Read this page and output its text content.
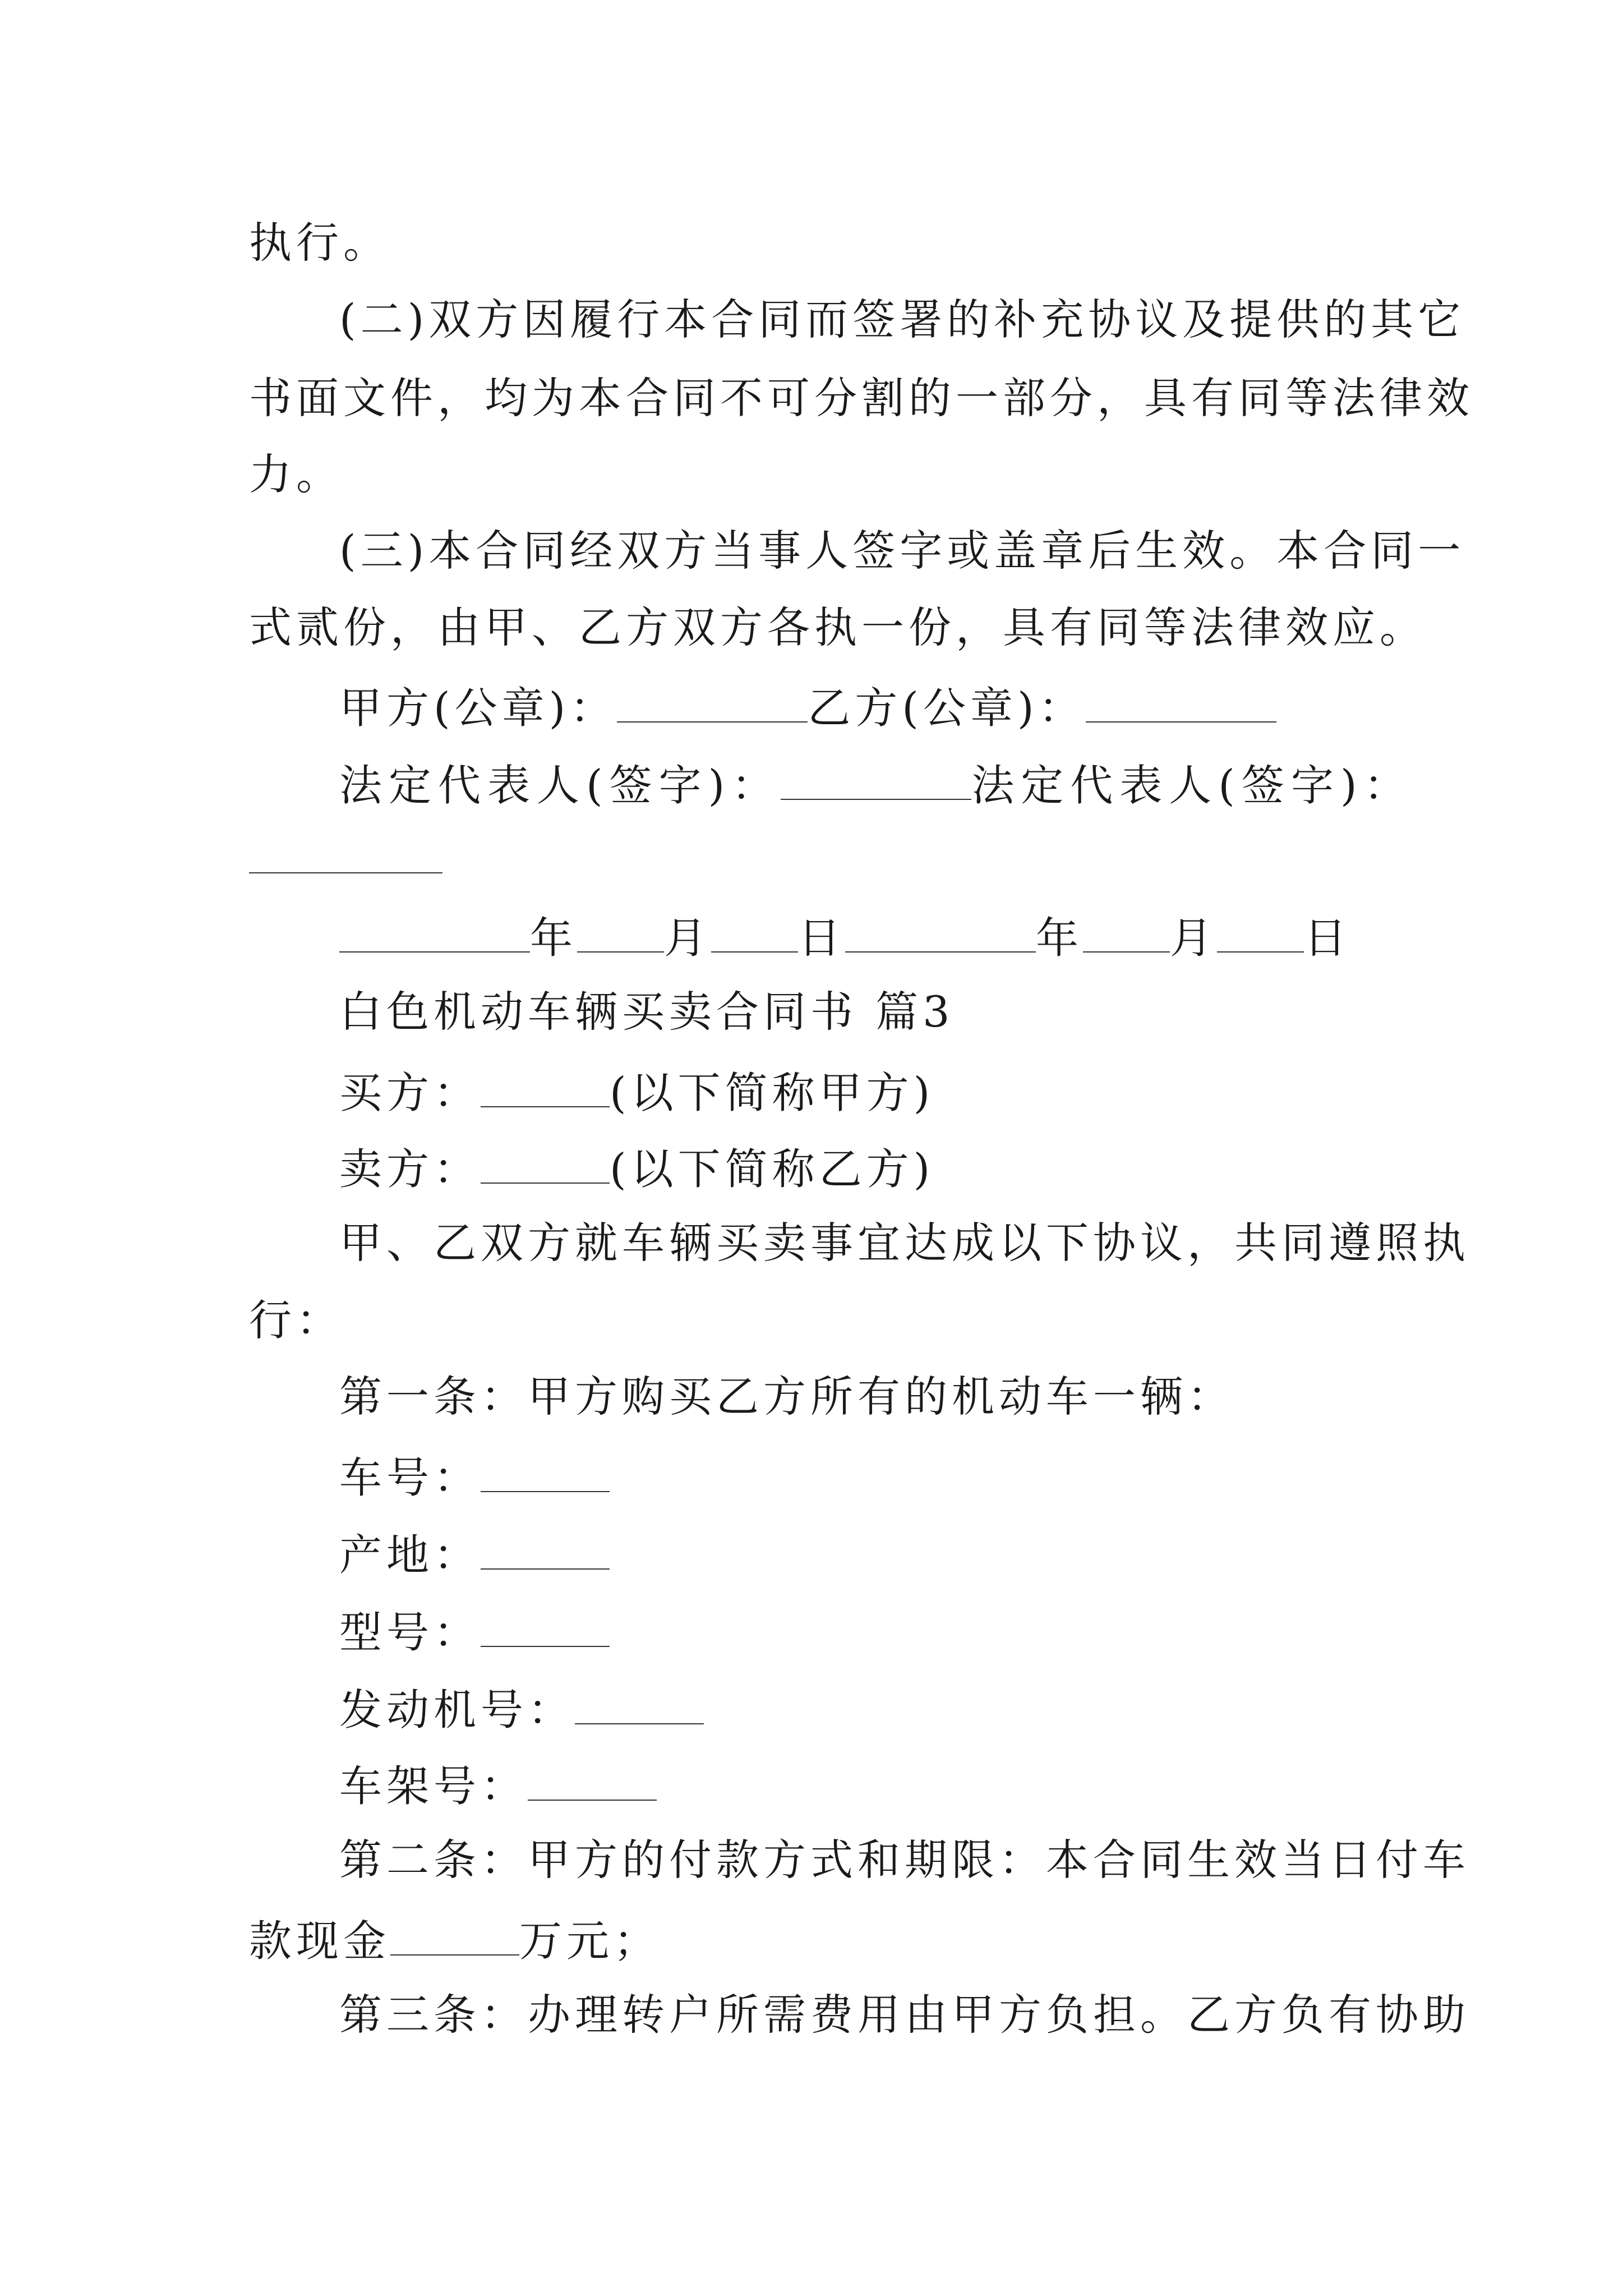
执行。
(二)双方因履行本合同而签署的补充协议及提供的其它
书面文件，均为本合同不可分割的一部分，具有同等法律效
力。
(三)本合同经双方当事人签字或盖章后生效。本合同一
式贰份，由甲、乙方双方各执一份，具有同等法律效应。
甲方(公章)：	乙方(公章)：
法定代表人(签字)：	法定代表人(签字)：
年 月 日	年 月 日
白色机动车辆买卖合同书 篇3
买方：	(以下简称甲方)
卖方：	(以下简称乙方)
甲、乙双方就车辆买卖事宜达成以下协议，共同遵照执
行：
第一条：甲方购买乙方所有的机动车一辆：
车号：
产地：
型号：
发动机号：
车架号：
第二条：甲方的付款方式和期限：本合同生效当日付车
款现金	万元；
第三条：办理转户所需费用由甲方负担。乙方负有协助
